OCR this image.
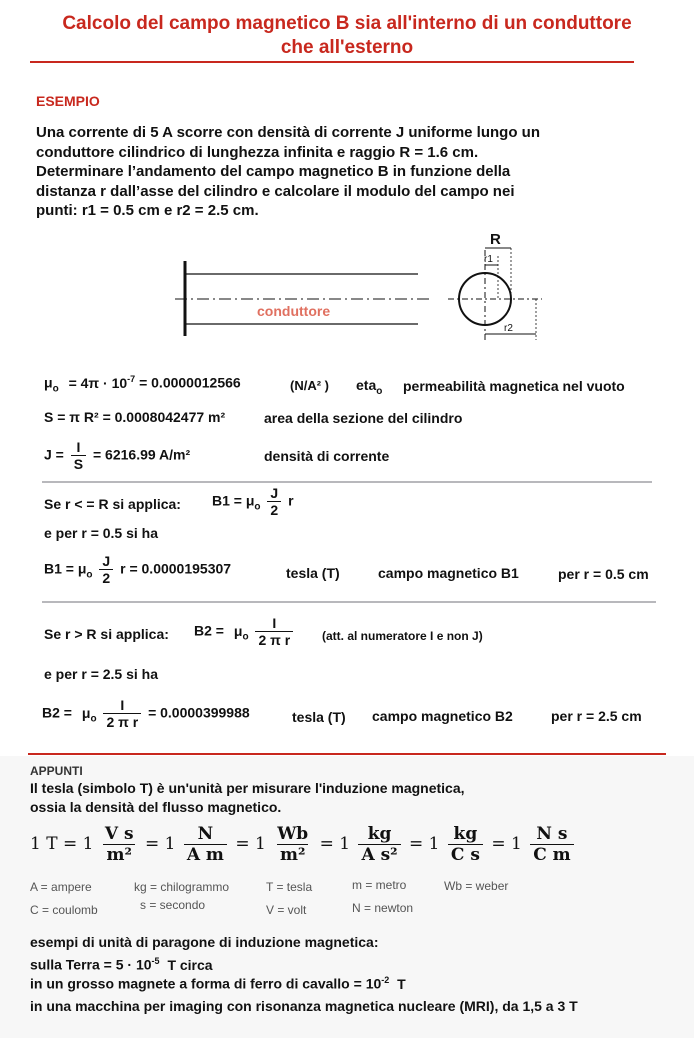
Calcolo del campo magnetico B sia all'interno di un conduttore
che all'esterno
ESEMPIO
Una corrente di 5 A scorre con densità di corrente J uniforme lungo un
conduttore cilindrico di lunghezza infinita e raggio R = 1.6 cm.
Determinare l’andamento del campo magnetico B in funzione della
distanza r dall’asse del cilindro e calcolare il modulo del campo nei
punti: r1 = 0.5 cm e r2 = 2.5 cm.
conduttore
R
r1
r2
$\mu_o = 4\pi \cdot 10^{-7} = 0.0000012566$	(N/A² ) eta$_o$ permeabilità magnetica nel vuoto
S = π R² = 0.0008042477 m²	area della sezione del cilindro
$J = \frac{I}{S} = 6216.99$ A/m²	densità di corrente
Se r < = R si applica: $B1 = \mu_o \frac{J}{2}$ r
e per r = 0.5 si ha
$B1 = \mu_o \frac{J}{2}$ r = 0.0000195307	tesla (T)	campo magnetico B1	per r = 0.5 cm
Se r > R si applica: $B2 = \mu_o \frac{I}{\text{2 π r}} (att$. al numeratore I e non J)
e per r = 2.5 si ha
$B2 = \mu_o \frac{I}{\text{2 π r}} = 0.0000399988$	tesla (T) campo magnetico B2	per r = 2.5 cm
APPUNTI
Il tesla (simbolo T) è un'unità per misurare l'induzione magnetica,
ossia la densità del flusso magnetico.
1 $T = 1 \frac{\text{V s}}{\text{m²}} = 1 \frac{N}{\text{A m}} = 1 \frac{Wb}{\text{m²}} = 1 \frac{kg}{\text{A s²}} = 1 \frac{kg}{\text{C s}} = 1 \frac{\text{N s}}{\text{C m}}$
A = ampere	kg = chilogrammo	T = tesla	m = metro	Wb = weber
C = coulomb	s = secondo	V = volt	N = newton
esempi di unità di paragone di induzione magnetica:
sulla Terra = $5 \cdot 10^{-5}$ T circa
in un grosso magnete a forma di ferro di cavallo = $10^{-2}$ T
in una macchina per imaging con risonanza magnetica nucleare (MRI), da 1,5 a 3 T
